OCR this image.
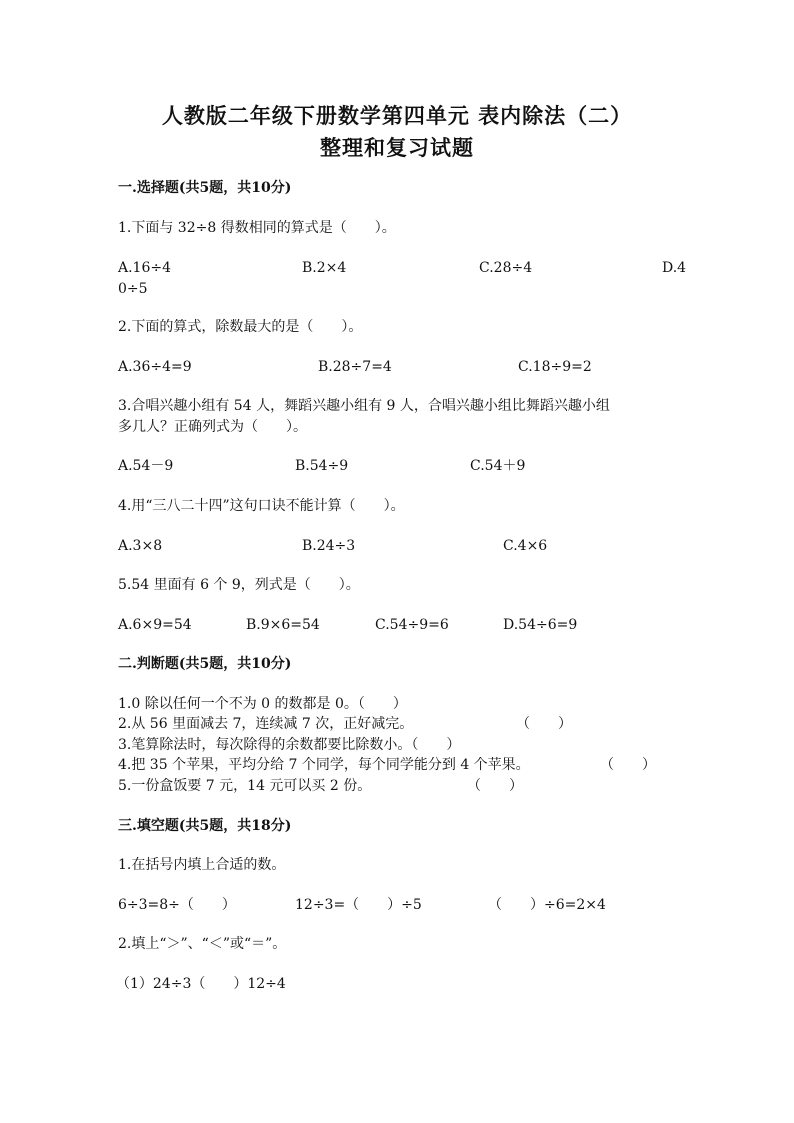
人教版二年级下册数学第四单元 表内除法（二）
整理和复习试题
一.选择题(共5题，共10分)
1.下面与 32÷8 得数相同的算式是（　　）。
A.16÷4	B.2×4	C.28÷4	D.4
0÷5
2.下面的算式，除数最大的是（　　）。
A.36÷4=9	B.28÷7=4	C.18÷9=2
3.合唱兴趣小组有 54 人，舞蹈兴趣小组有 9 人，合唱兴趣小组比舞蹈兴趣小组
多几人？正确列式为（　　）。
A.54－9	B.54÷9	C.54＋9
4.用“三八二十四”这句口诀不能计算（　　）。
A.3×8	B.24÷3	C.4×6
5.54 里面有 6 个 9，列式是（　　）。
A.6×9=54	B.9×6=54	C.54÷9=6	D.54÷6=9
二.判断题(共5题，共10分)
1.0 除以任何一个不为 0 的数都是 0。（　　）
2.从 56 里面减去 7，连续减 7 次，正好减完。	（　　）
3.笔算除法时，每次除得的余数都要比除数小。（　　）
4.把 35 个苹果，平均分给 7 个同学，每个同学能分到 4 个苹果。	（　　）
5.一份盒饭要 7 元，14 元可以买 2 份。	（　　）
三.填空题(共5题，共18分)
1.在括号内填上合适的数。
6÷3=8÷（　　）	12÷3=（　　）÷5	（　　）÷6=2×4
2.填上“＞”、“＜”或“＝”。
（1）24÷3（　　）12÷4
